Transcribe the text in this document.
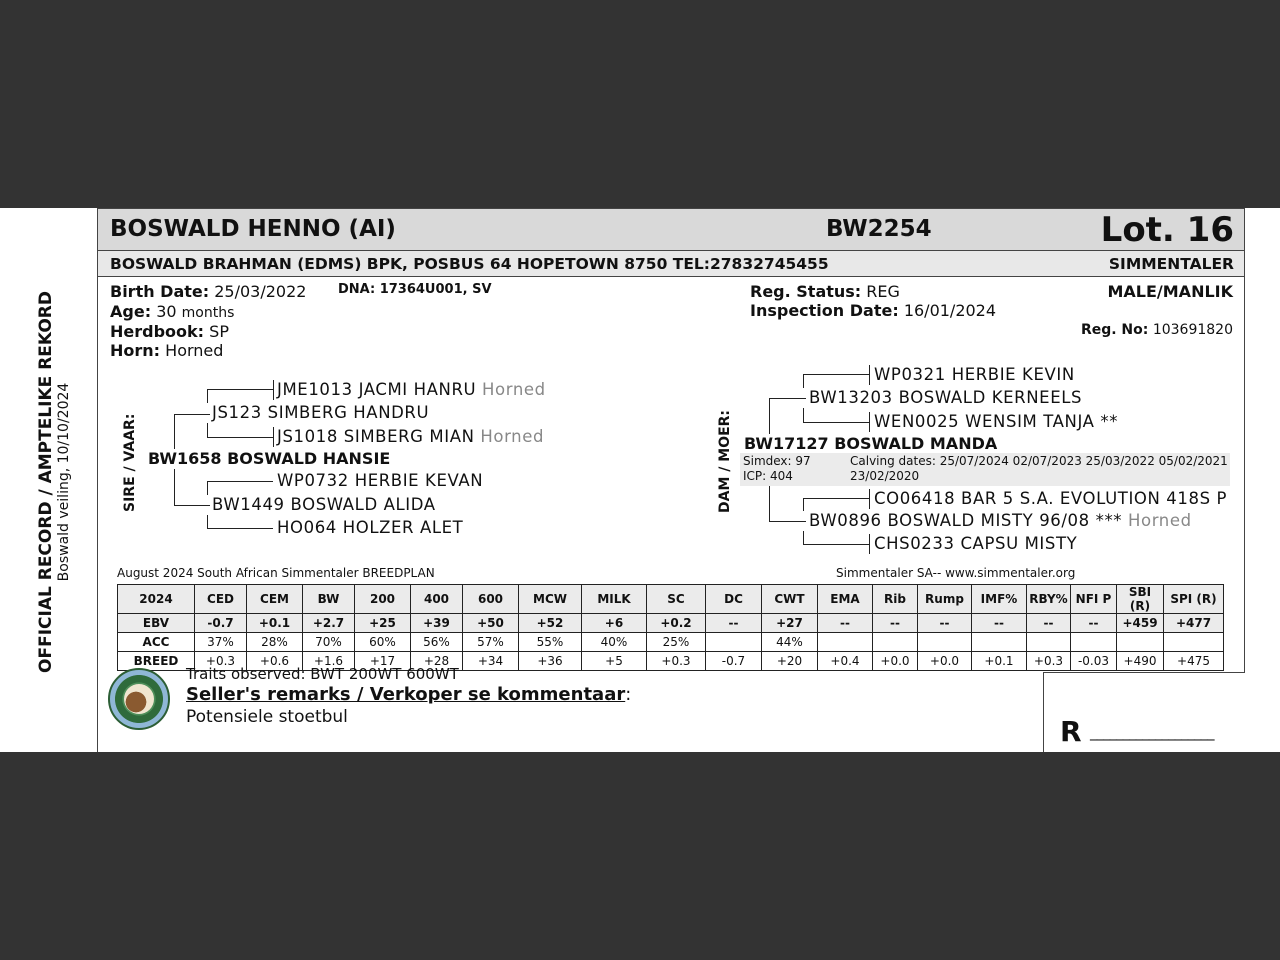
OFFICIAL RECORD / AMPTELIKE REKORD Boswald veiling, 10/10/2024
BOSWALD HENNO (AI)	BW2254	Lot. 16
BOSWALD BRAHMAN (EDMS) BPK, POSBUS 64 HOPETOWN 8750 TEL:27832745455	SIMMENTALER
Birth Date: 25/03/2022
Age: 30 months
Herdbook: SP
Horn: Horned
DNA: 17364U001, SV	Reg. Status: REG
Inspection Date: 16/01/2024
MALE/MANLIK
Reg. No: 103691820
SIRE / VAAR: BW1658 BOSWALD HANSIE
JS123 SIMBERG HANDRU
JME1013 JACMI HANRU Horned
JS1018 SIMBERG MIAN Horned
BW1449 BOSWALD ALIDA
WP0732 HERBIE KEVAN
HO064 HOLZER ALET
DAM / MOER: BW17127 BOSWALD MANDA
Simdex: 97
ICP: 404
Calving dates: 25/07/2024 02/07/2023 25/03/2022 05/02/2021
23/02/2020
BW13203 BOSWALD KERNEELS
WP0321 HERBIE KEVIN
WEN0025 WENSIM TANJA **
BW0896 BOSWALD MISTY 96/08 *** Horned
CO06418 BAR 5 S.A. EVOLUTION 418S P
CHS0233 CAPSU MISTY
August 2024 South African Simmentaler BREEDPLAN	Simmentaler SA-- www.simmentaler.org
2024	CED	CEM	BW	200	400	600	MCW	MILK	SC	DC	CWT	EMA	Rib	Rump	IMF%	RBY%	NFI P	SBI (R)	SPI (R)
EBV	-0.7	+0.1	+2.7	+25	+39	+50	+52	+6	+0.2	--	+27	--	--	--	--	--	--	+459	+477
ACC	37%	28%	70%	60%	56%	57%	55%	40%	25%		44%								
BREED	+0.3	+0.6	+1.6	+17	+28	+34	+36	+5	+0.3	-0.7	+20	+0.4	+0.0	+0.0	+0.1	+0.3	-0.03	+490	+475
Traits observed: BWT 200WT 600WT
Seller's remarks / Verkoper se kommentaar:
Potensiele stoetbul	R ___________________
